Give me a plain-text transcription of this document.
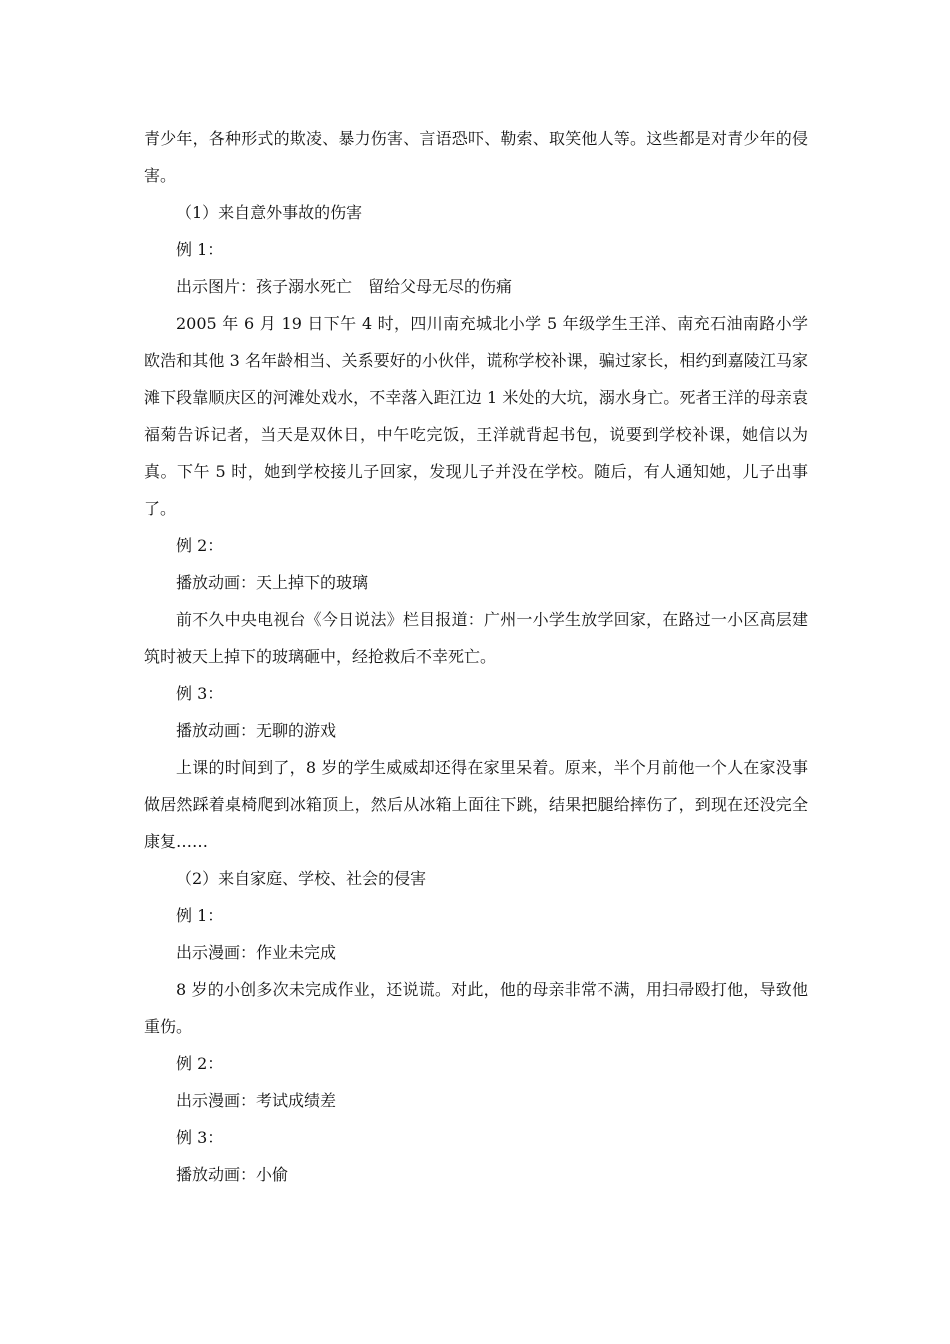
青少年，各种形式的欺凌、暴力伤害、言语恐吓、勒索、取笑他人等。这些都是对青少年的侵害。

（1）来自意外事故的伤害

例 1：

出示图片：孩子溺水死亡　留给父母无尽的伤痛

2005 年 6 月 19 日下午 4 时，四川南充城北小学 5 年级学生王洋、南充石油南路小学欧浩和其他 3 名年龄相当、关系要好的小伙伴，谎称学校补课，骗过家长，相约到嘉陵江马家滩下段靠顺庆区的河滩处戏水，不幸落入距江边 1 米处的大坑，溺水身亡。死者王洋的母亲袁福菊告诉记者，当天是双休日，中午吃完饭，王洋就背起书包，说要到学校补课，她信以为真。下午 5 时，她到学校接儿子回家，发现儿子并没在学校。随后，有人通知她，儿子出事了。

例 2：

播放动画：天上掉下的玻璃

前不久中央电视台《今日说法》栏目报道：广州一小学生放学回家，在路过一小区高层建筑时被天上掉下的玻璃砸中，经抢救后不幸死亡。

例 3：

播放动画：无聊的游戏

上课的时间到了，8 岁的学生威威却还得在家里呆着。原来，半个月前他一个人在家没事做居然踩着桌椅爬到冰箱顶上，然后从冰箱上面往下跳，结果把腿给摔伤了，到现在还没完全康复……

（2）来自家庭、学校、社会的侵害

例 1：

出示漫画：作业未完成

8 岁的小创多次未完成作业，还说谎。对此，他的母亲非常不满，用扫帚殴打他，导致他重伤。

例 2：

出示漫画：考试成绩差

例 3：

播放动画：小偷
